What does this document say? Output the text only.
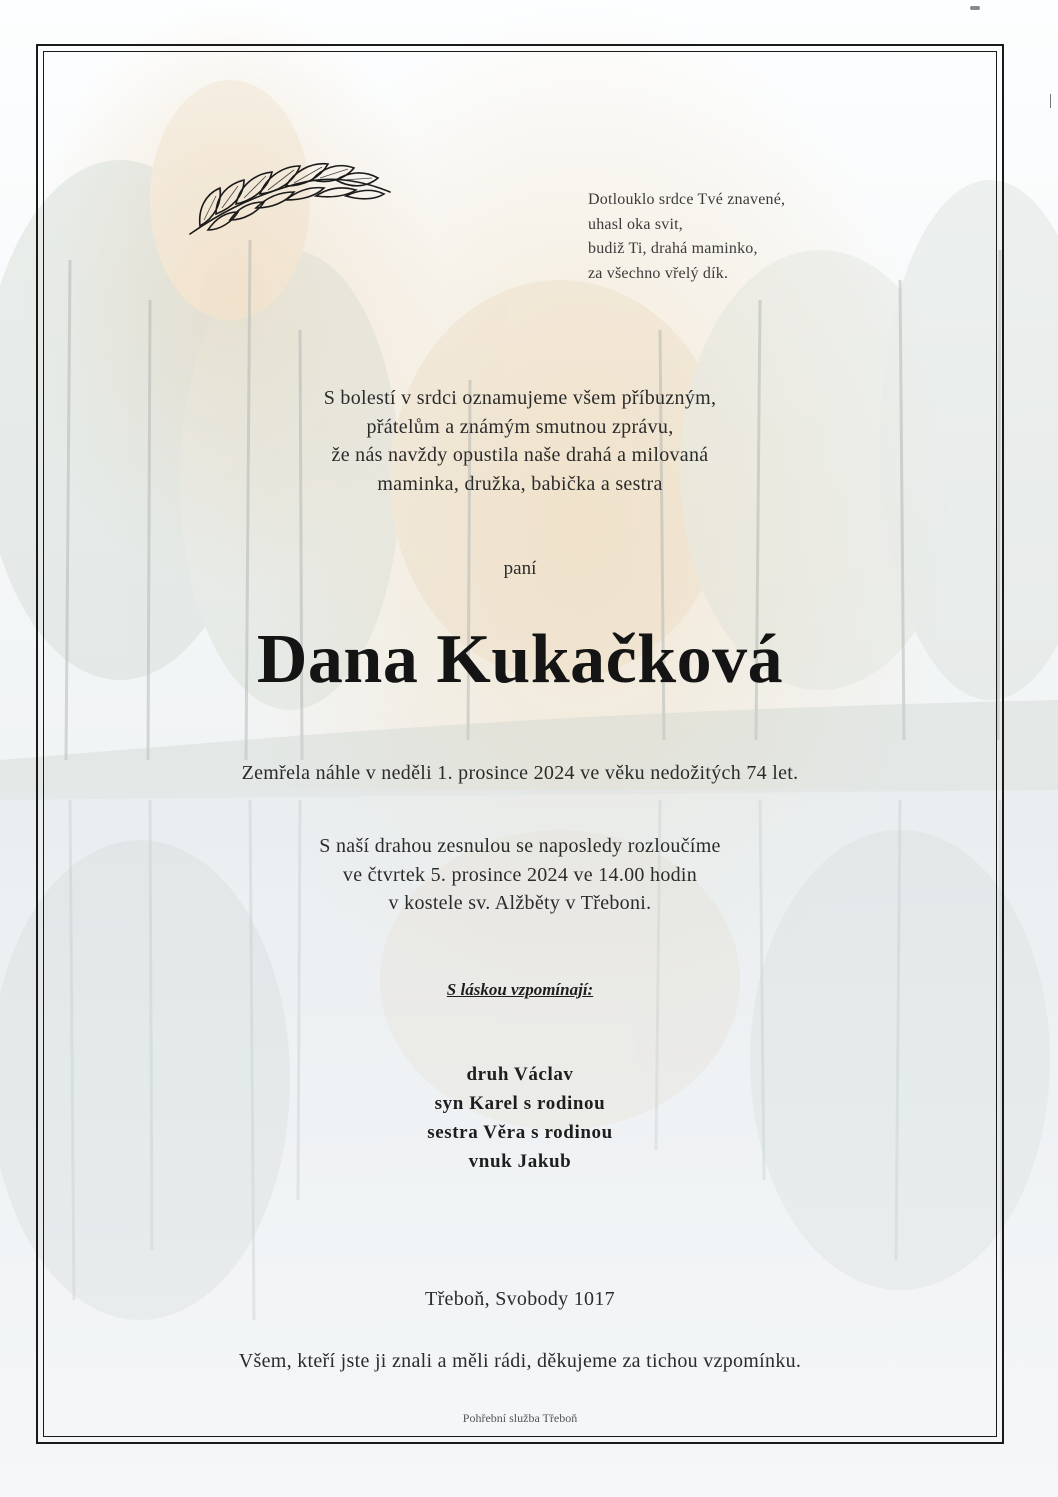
Dotlouklo srdce Tvé znavené,
uhasl oka svit,
budiž Ti, drahá maminko,
za všechno vřelý dík.
S bolestí v srdci oznamujeme všem příbuzným,
přátelům a známým smutnou zprávu,
že nás navždy opustila naše drahá a milovaná
maminka, družka, babička a sestra
paní
Dana Kukačková
Zemřela náhle v neděli 1. prosince 2024 ve věku nedožitých 74 let.
S naší drahou zesnulou se naposledy rozloučíme
ve čtvrtek 5. prosince 2024 ve 14.00 hodin
v kostele sv. Alžběty v Třeboni.
S láskou vzpomínají:
druh Václav
syn Karel s rodinou
sestra Věra s rodinou
vnuk Jakub
Třeboň, Svobody 1017
Všem, kteří jste ji znali a měli rádi, děkujeme za tichou vzpomínku.
Pohřební služba Třeboň
